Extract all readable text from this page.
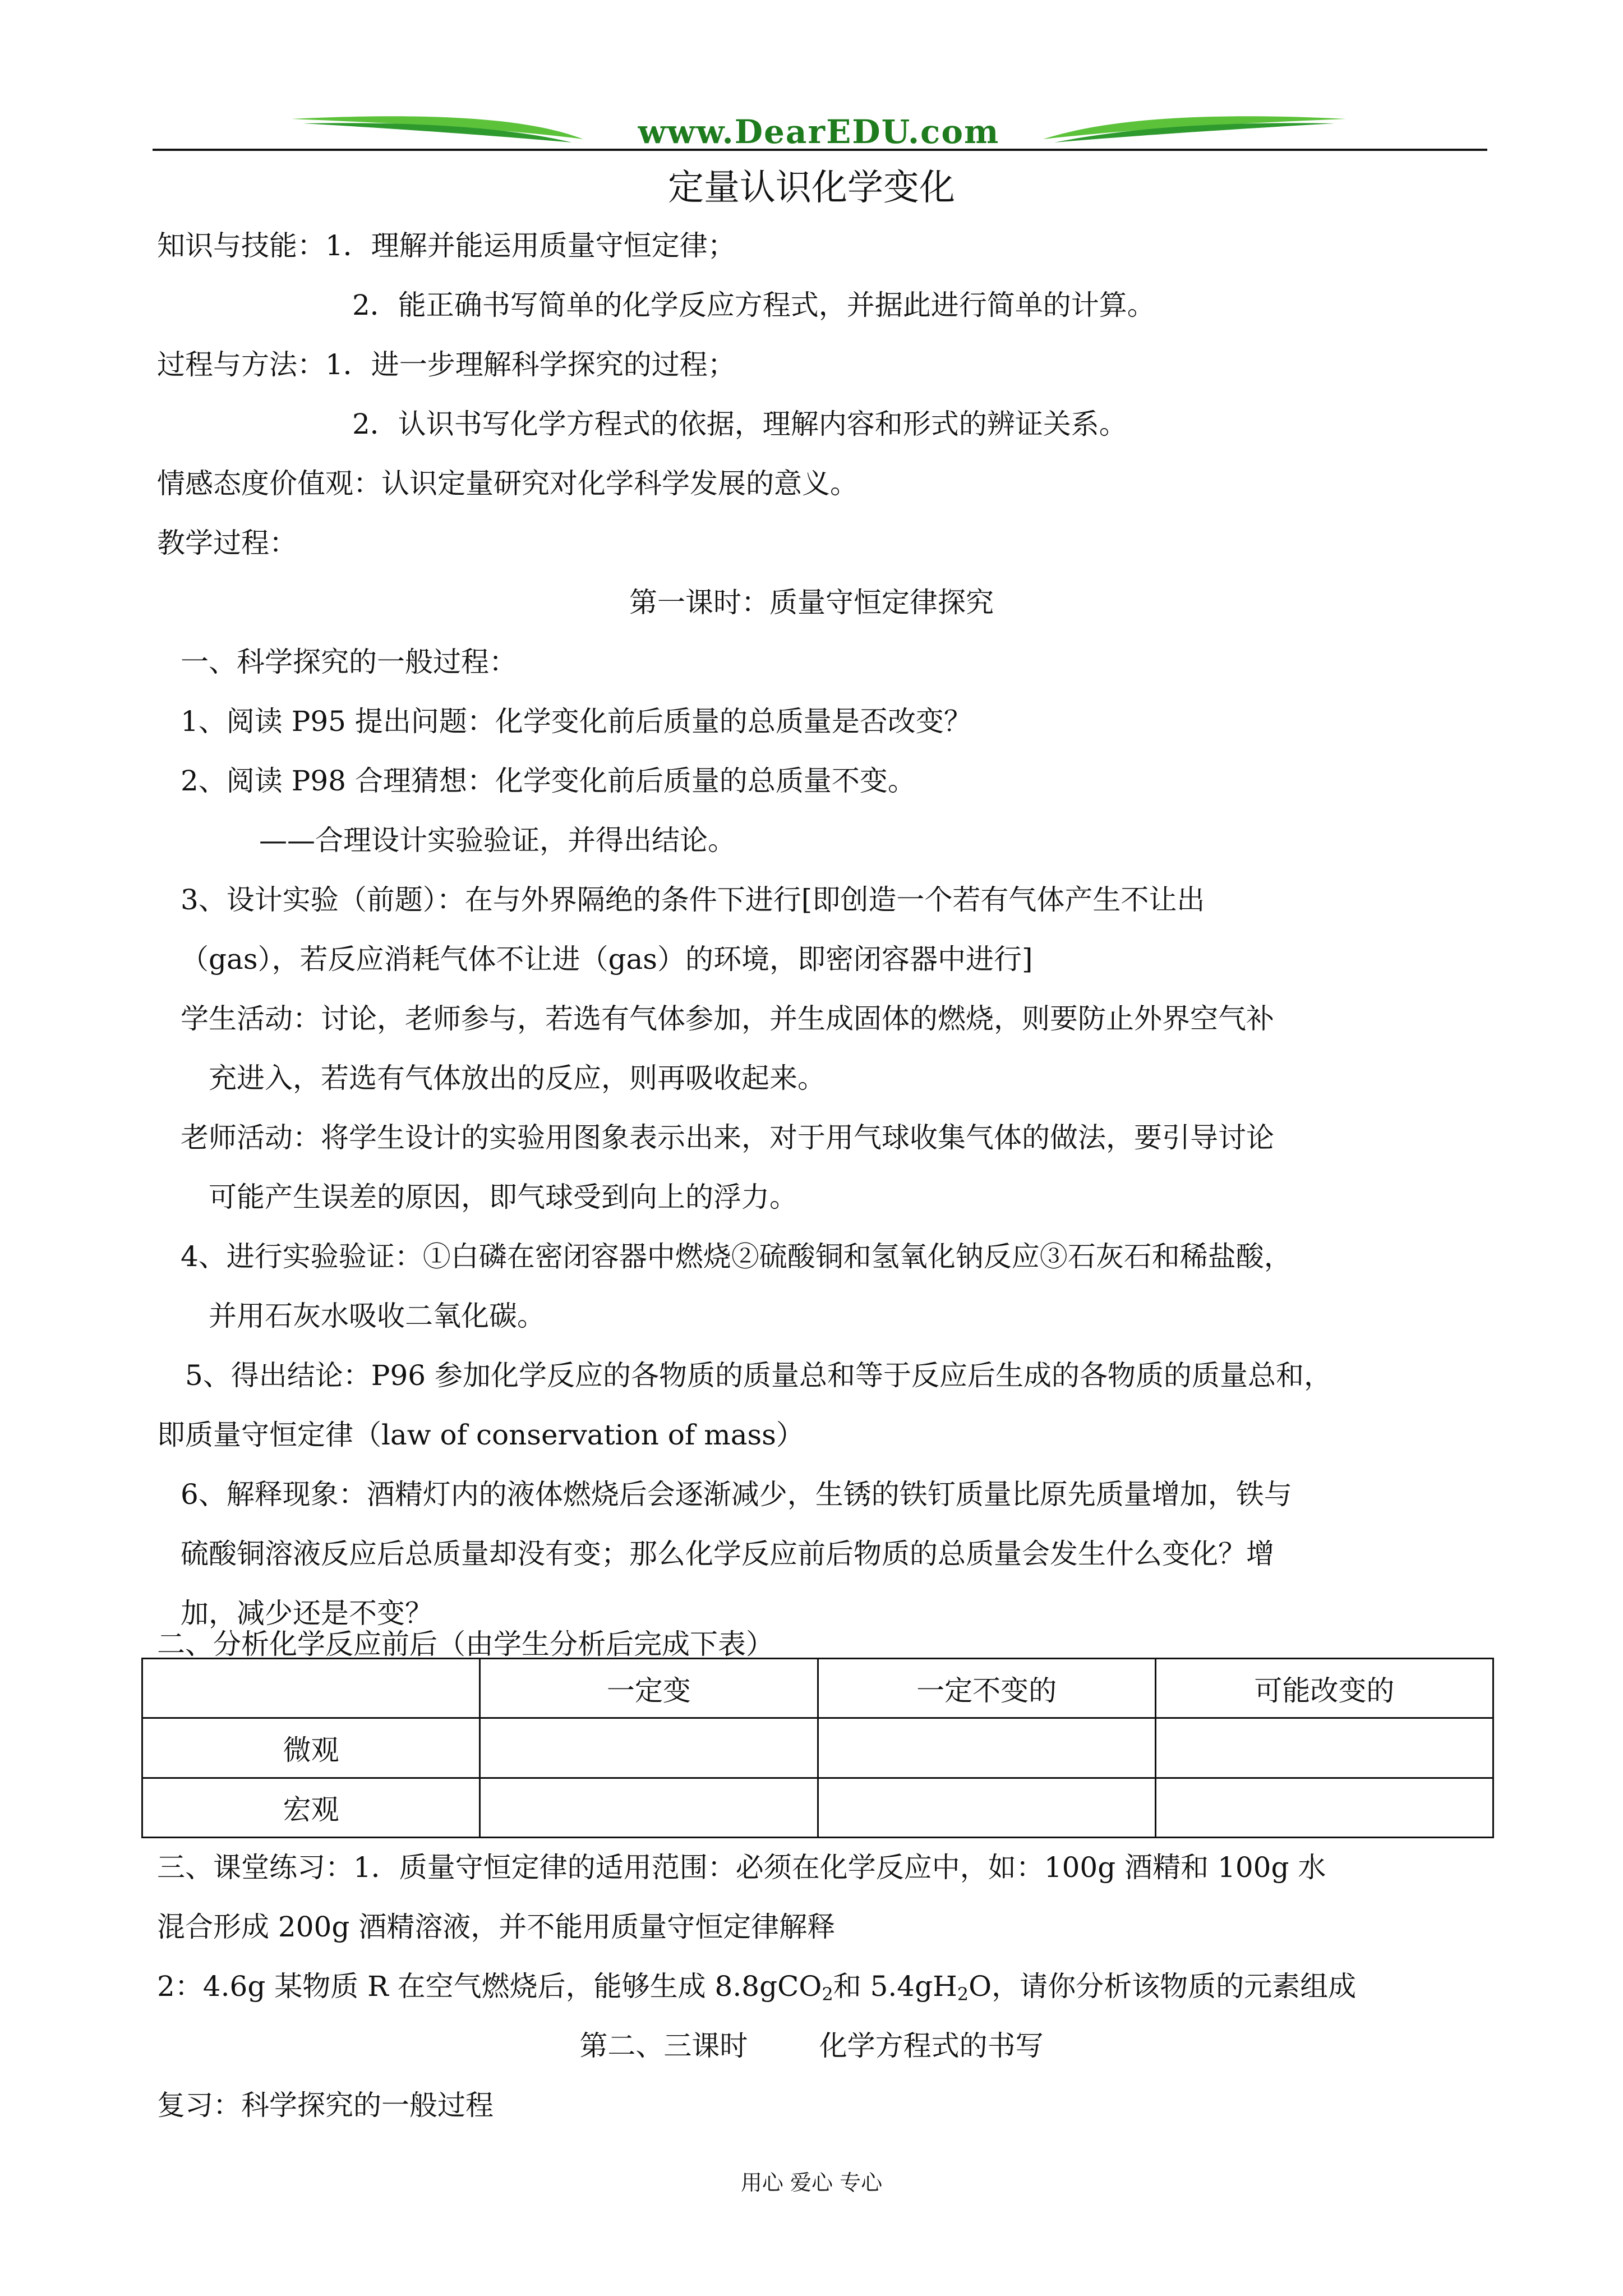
www.DearEDU.com
定量认识化学变化
知识与技能：1．理解并能运用质量守恒定律；
2．能正确书写简单的化学反应方程式，并据此进行简单的计算。
过程与方法：1．进一步理解科学探究的过程；
2．认识书写化学方程式的依据，理解内容和形式的辨证关系。
情感态度价值观：认识定量研究对化学科学发展的意义。
教学过程：
第一课时：质量守恒定律探究
一、科学探究的一般过程：
1、阅读 P95 提出问题：化学变化前后质量的总质量是否改变？
2、阅读 P98 合理猜想：化学变化前后质量的总质量不变。
——合理设计实验验证，并得出结论。
3、设计实验（前题）：在与外界隔绝的条件下进行[即创造一个若有气体产生不让出
（gas），若反应消耗气体不让进（gas）的环境，即密闭容器中进行]
学生活动：讨论，老师参与，若选有气体参加，并生成固体的燃烧，则要防止外界空气补
充进入，若选有气体放出的反应，则再吸收起来。
老师活动：将学生设计的实验用图象表示出来，对于用气球收集气体的做法，要引导讨论
可能产生误差的原因，即气球受到向上的浮力。
4、进行实验验证：①白磷在密闭容器中燃烧②硫酸铜和氢氧化钠反应③石灰石和稀盐酸，
并用石灰水吸收二氧化碳。
5、得出结论：P96 参加化学反应的各物质的质量总和等于反应后生成的各物质的质量总和，
即质量守恒定律（law of conservation of mass）
6、解释现象：酒精灯内的液体燃烧后会逐渐减少，生锈的铁钉质量比原先质量增加，铁与
硫酸铜溶液反应后总质量却没有变；那么化学反应前后物质的总质量会发生什么变化？增
加，减少还是不变？
二、分析化学反应前后（由学生分析后完成下表）
	一定变	一定不变的	可能改变的
微观			
宏观			
三、课堂练习：1．质量守恒定律的适用范围：必须在化学反应中，如：100g 酒精和 100g 水
混合形成 200g 酒精溶液，并不能用质量守恒定律解释
2：4.6g 某物质 R 在空气燃烧后，能够生成 8.8gCO$_2$和 $5.4gH_2O$，请你分析该物质的元素组成
第二、三课时        化学方程式的书写
复习：科学探究的一般过程
用心 爱心 专心
